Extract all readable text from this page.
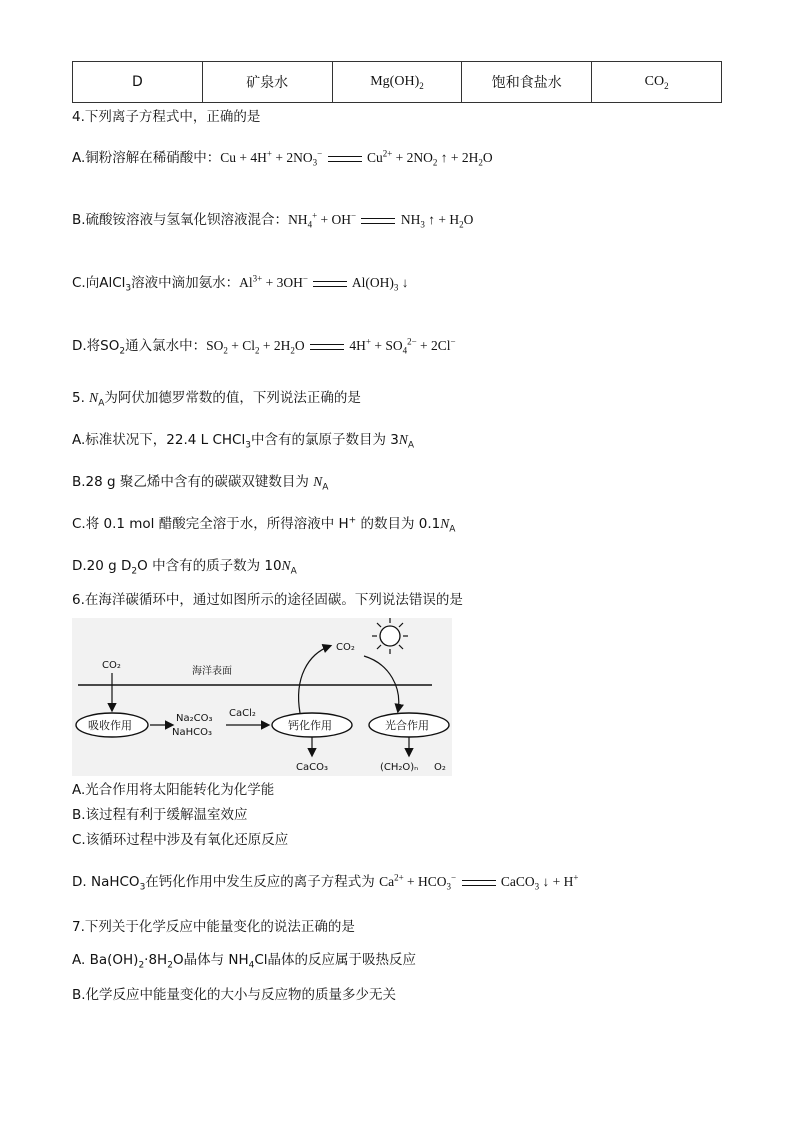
D	矿泉水	$Mg(OH)_2$	饱和食盐水	$CO_2$
4.下列离子方程式中，正确的是
A.铜粉溶解在稀硝酸中：$Cu + 4H^+ + 2NO_3^-$	$Cu^{2+} + 2NO_2$ ↑ + $2H_2O$
B.硫酸铵溶液与氢氧化钡溶液混合：$NH_4^+ + OH^-$	$NH_3$ ↑ + $H_2O$
C.向AlCl$_3$溶液中滴加氨水：$Al^{3+} + 3OH^-$	$Al(OH)_3$ ↓
D.将$SO_2$通入氯水中：$SO_2 + Cl_2 + 2H_2O$	$4H^+ + SO_4^{2-} + 2Cl^-$
5. $N_A$为阿伏加德罗常数的值，下列说法正确的是
A.标准状况下，22.4 L CHCl$_3$中含有的氯原子数目为 $3N_A$
B.28 g 聚乙烯中含有的碳碳双键数目为 $N_A$
C.将 0.1 mol 醋酸完全溶于水，所得溶液中 H+ 的数目为 $0.1N_A$
D.20 g $D_2O$ 中含有的质子数为 $10N_A$
6.在海洋碳循环中，通过如图所示的途径固碳。下列说法错误的是
海洋表面
CO₂
吸收作用
Na₂CO₃
NaHCO₃
CaCl₂
钙化作用
CaCO₃
CO₂
光合作用
(CH₂O)ₙ O₂
A.光合作用将太阳能转化为化学能
B.该过程有利于缓解温室效应
C.该循环过程中涉及有氧化还原反应
D. NaHCO$_3$在钙化作用中发生反应的离子方程式为 $Ca^{2+} + HCO_3^-$	CaCO$_3$ ↓ + H+
7.下列关于化学反应中能量变化的说法正确的是
A. $Ba(OH)_2\cdot 8H_2O$晶体与 $NH_4Cl$晶体的反应属于吸热反应
B.化学反应中能量变化的大小与反应物的质量多少无关
